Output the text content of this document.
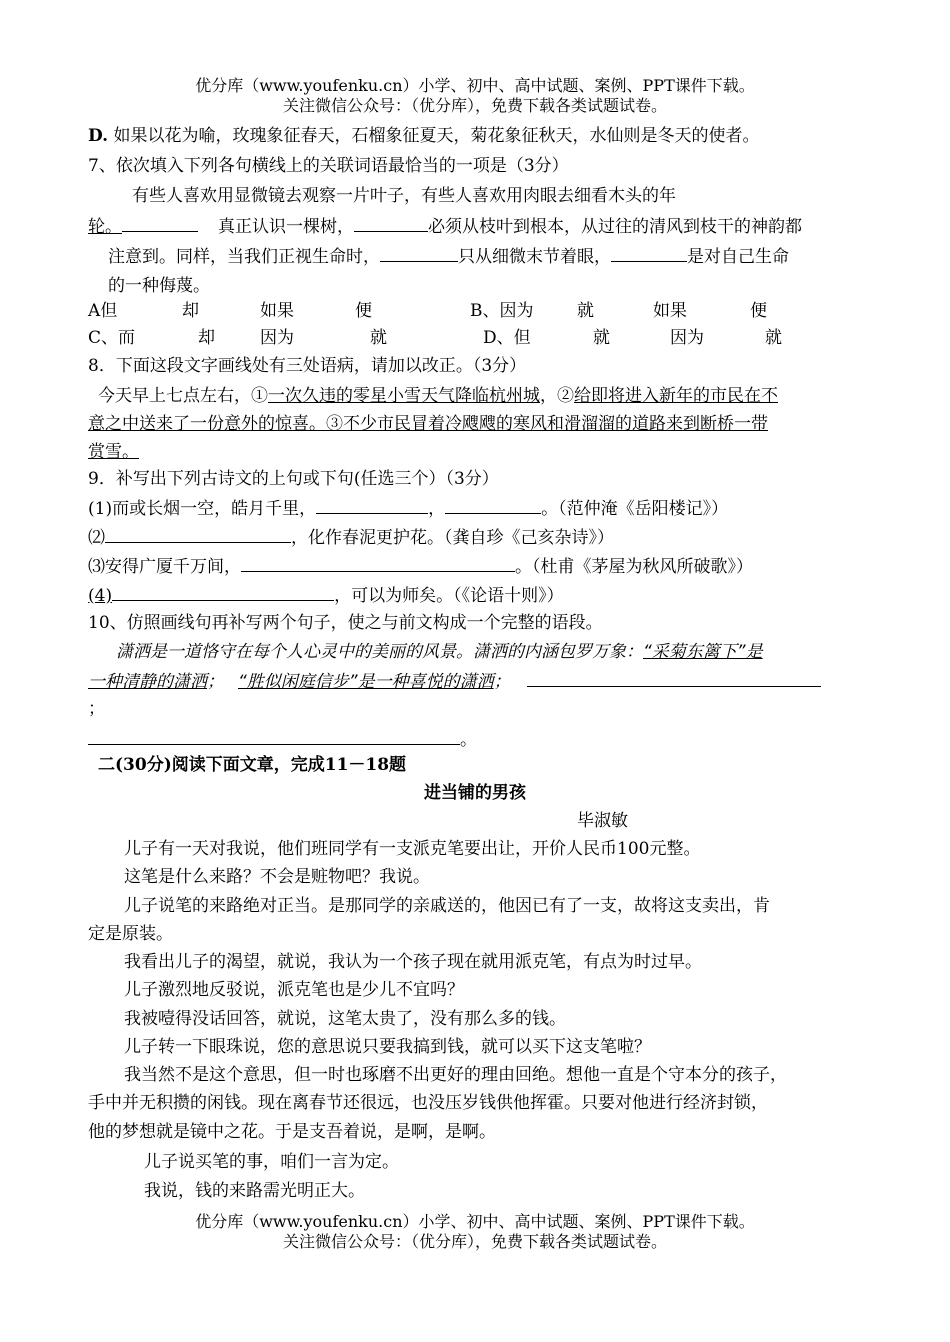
优分库（www.youfenku.cn）小学、初中、高中试题、案例、PPT课件下载。
关注微信公众号：（优分库），免费下载各类试题试卷。
D. 如果以花为喻，玫瑰象征春天，石榴象征夏天，菊花象征秋天，水仙则是冬天的使者。
7、依次填入下列各句横线上的关联词语最恰当的一项是（3分）
有些人喜欢用显微镜去观察一片叶子，有些人喜欢用肉眼去细看木头的年
轮。	真正认识一棵树，	必须从枝叶到根本，从过往的清风到枝干的神韵都
注意到。同样，当我们正视生命时，	只从细微末节着眼，	是对自己生命
的一种侮蔑。
A但	却	如果	便	B、因为	就	如果	便
C、而	却	因为	就	D、但	就	因为	就
8．下面这段文字画线处有三处语病，请加以改正。（3分）
今天早上七点左右，①一次久违的零星小雪天气降临杭州城，②给即将进入新年的市民在不
意之中送来了一份意外的惊喜。③不少市民冒着冷飕飕的寒风和滑溜溜的道路来到断桥一带
赏雪。
9．补写出下列古诗文的上句或下句(任选三个）（3分）
(1)而或长烟一空，皓月千里，	，	。（范仲淹《岳阳楼记》）
⑵	，化作春泥更护花。（龚自珍《己亥杂诗》）
⑶安得广厦千万间，	。（杜甫《茅屋为秋风所破歌》）
(4)	，可以为师矣。（《论语十则》）
10、仿照画线句再补写两个句子，使之与前文构成一个完整的语段。
潇洒是一道恪守在每个人心灵中的美丽的风景。潇洒的内涵包罗万象：“采菊东篱下”是
一种清静的潇洒； “胜似闲庭信步”是一种喜悦的潇洒；
；
。
二(30分)阅读下面文章，完成11－18题
进当铺的男孩
毕淑敏
儿子有一天对我说，他们班同学有一支派克笔要出让，开价人民币100元整。
这笔是什么来路？不会是赃物吧？我说。
儿子说笔的来路绝对正当。是那同学的亲戚送的，他因已有了一支，故将这支卖出，肯
定是原装。
我看出儿子的渴望，就说，我认为一个孩子现在就用派克笔，有点为时过早。
儿子激烈地反驳说，派克笔也是少儿不宜吗？
我被噎得没话回答，就说，这笔太贵了，没有那么多的钱。
儿子转一下眼珠说，您的意思说只要我搞到钱，就可以买下这支笔啦？
我当然不是这个意思，但一时也琢磨不出更好的理由回绝。想他一直是个守本分的孩子，
手中并无积攒的闲钱。现在离春节还很远，也没压岁钱供他挥霍。只要对他进行经济封锁，
他的梦想就是镜中之花。于是支吾着说，是啊，是啊。
儿子说买笔的事，咱们一言为定。
我说，钱的来路需光明正大。
优分库（www.youfenku.cn）小学、初中、高中试题、案例、PPT课件下载。
关注微信公众号：（优分库），免费下载各类试题试卷。
